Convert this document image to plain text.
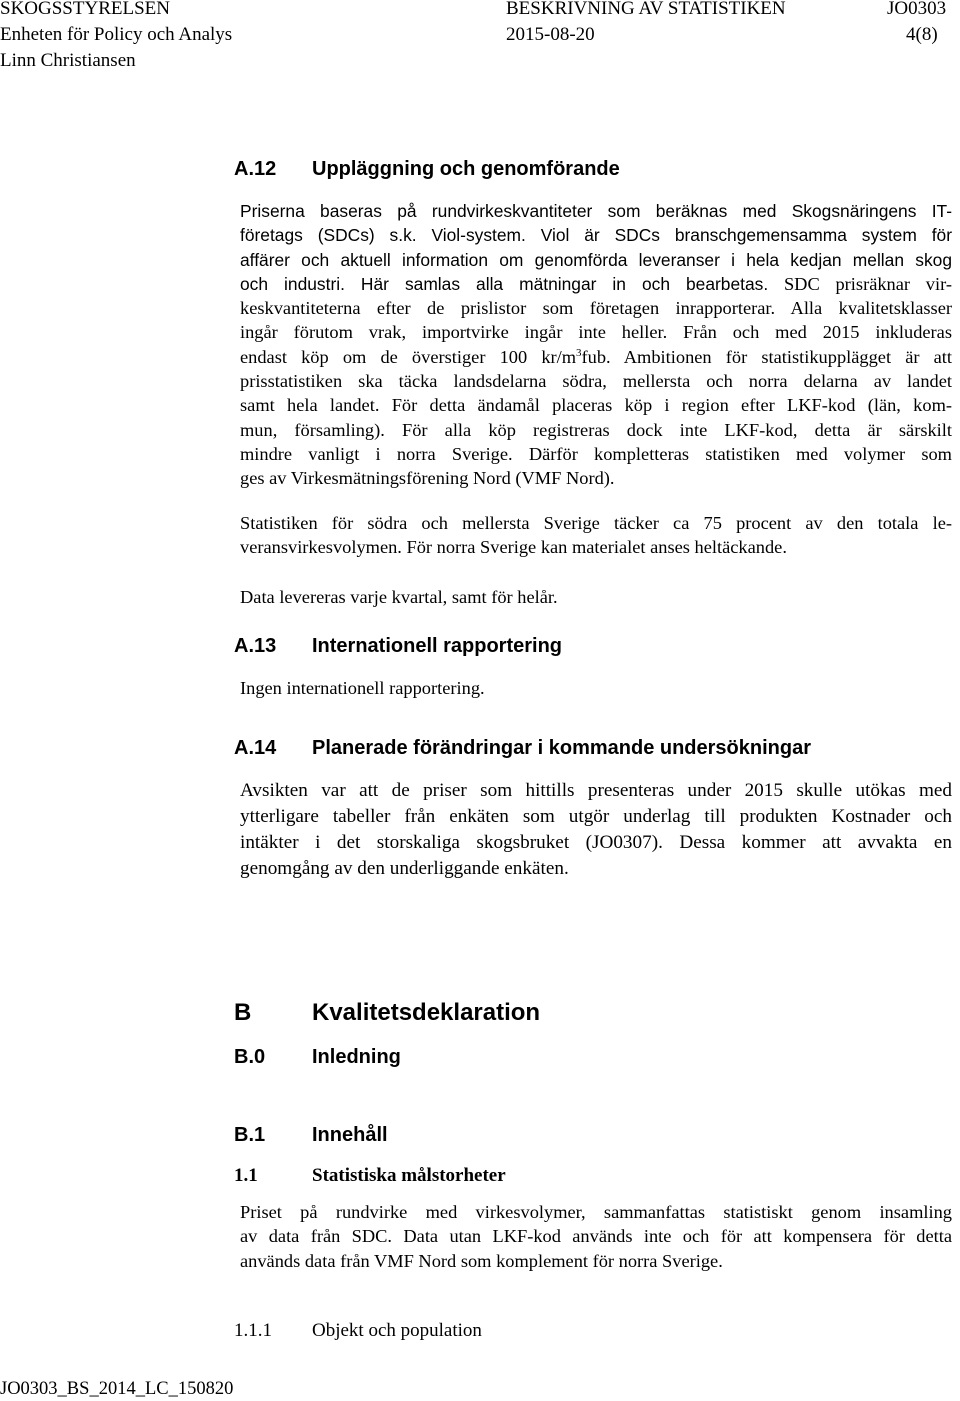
SKOGSSTYRELSEN	BESKRIVNING AV STATISTIKEN	JO0303
Enheten för Policy och Analys	2015-08-20	4(8)
Linn Christiansen
A.12 Uppläggning och genomförande
Priserna baseras på rundvirkeskvantiteter som beräknas med Skogsnäringens IT-
företags (SDCs) s.k. Viol-system. Viol är SDCs branschgemensamma system för
affärer och aktuell information om genomförda leveranser i hela kedjan mellan skog
och industri. Här samlas alla mätningar in och bearbetas. SDC prisräknar vir-
keskvantiteterna efter de prislistor som företagen inrapporterar. Alla kvalitetsklasser
ingår förutom vrak, importvirke ingår inte heller. Från och med 2015 inkluderas
endast köp om de överstiger 100 $kr/m^3fub$. Ambitionen för statistikupplägget är att
prisstatistiken ska täcka landsdelarna södra, mellersta och norra delarna av landet
samt hela landet. För detta ändamål placeras köp i region efter LKF-kod (län, kom-
mun, församling). För alla köp registreras dock inte LKF-kod, detta är särskilt
mindre vanligt i norra Sverige. Därför kompletteras statistiken med volymer som
ges av Virkesmätningsförening Nord (VMF Nord).
Statistiken för södra och mellersta Sverige täcker ca 75 procent av den totala le-
veransvirkesvolymen. För norra Sverige kan materialet anses heltäckande.
Data levereras varje kvartal, samt för helår.
A.13 Internationell rapportering
Ingen internationell rapportering.
A.14 Planerade förändringar i kommande undersökningar
Avsikten var att de priser som hittills presenteras under 2015 skulle utökas med
ytterligare tabeller från enkäten som utgör underlag till produkten Kostnader och
intäkter i det storskaliga skogsbruket (JO0307). Dessa kommer att avvakta en
genomgång av den underliggande enkäten.
B	Kvalitetsdeklaration
B.0 Inledning
B.1 Innehåll
1.1	Statistiska målstorheter
Priset på rundvirke med virkesvolymer, sammanfattas statistiskt genom insamling
av data från SDC. Data utan LKF-kod används inte och för att kompensera för detta
används data från VMF Nord som komplement för norra Sverige.
1.1.1 Objekt och population
JO0303_BS_2014_LC_150820
